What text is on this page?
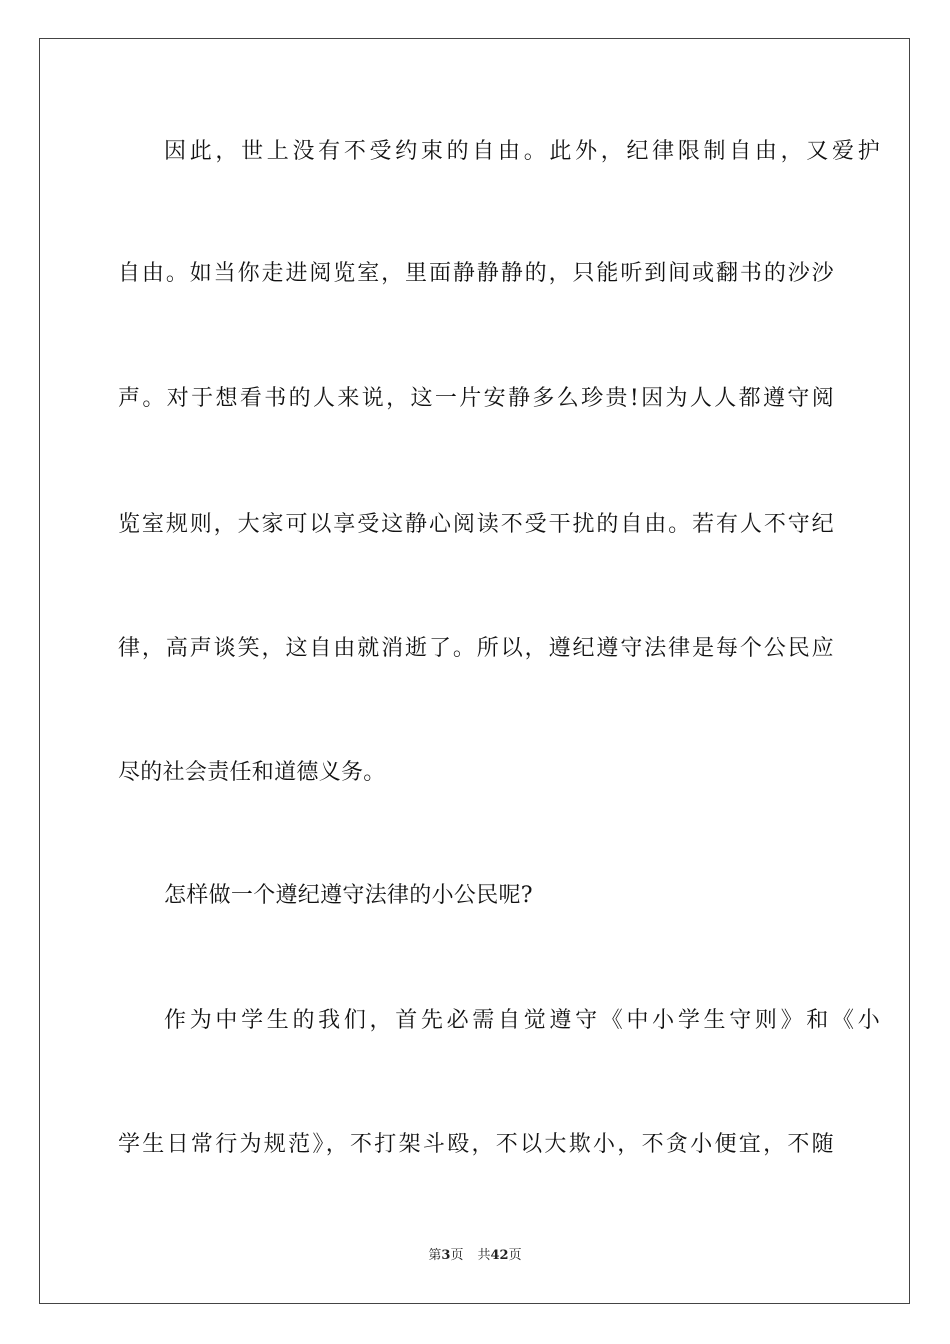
因此，世上没有不受约束的自由。此外，纪律限制自由，又爱护
自由。如当你走进阅览室，里面静静静的，只能听到间或翻书的沙沙
声。对于想看书的人来说，这一片安静多么珍贵!因为人人都遵守阅
览室规则，大家可以享受这静心阅读不受干扰的自由。若有人不守纪
律，高声谈笑，这自由就消逝了。所以，遵纪遵守法律是每个公民应
尽的社会责任和道德义务。
怎样做一个遵纪遵守法律的小公民呢?
作为中学生的我们，首先必需自觉遵守《中小学生守则》和《小
学生日常行为规范》，不打架斗殴，不以大欺小，不贪小便宜，不随
第3页 共42页
